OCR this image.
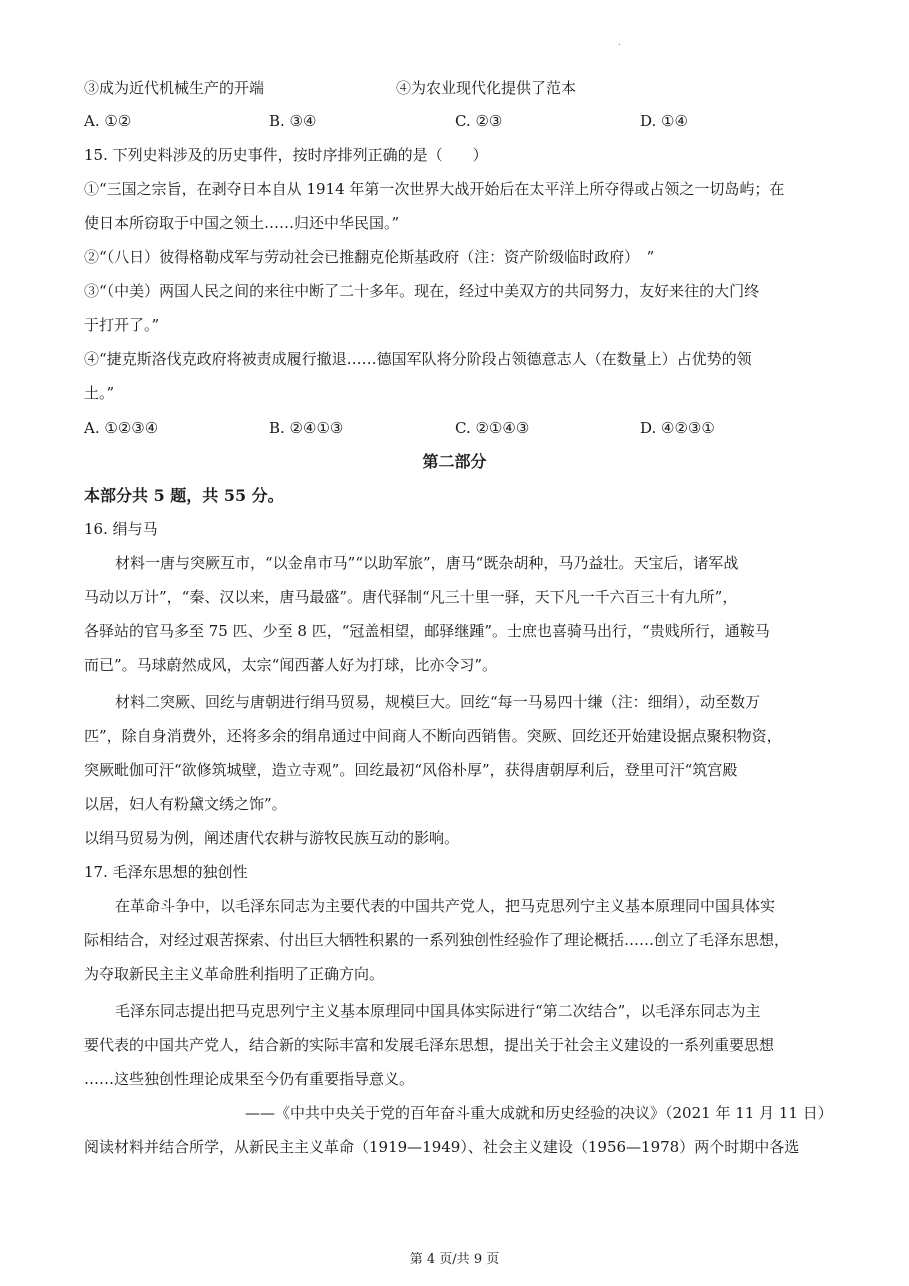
.
③成为近代机械生产的开端	④为农业现代化提供了范本
A. ①②	B. ③④	C. ②③	D. ①④
15. 下列史料涉及的历史事件，按时序排列正确的是（　　）
①“三国之宗旨，在剥夺日本自从 1914 年第一次世界大战开始后在太平洋上所夺得或占领之一切岛屿；在
使日本所窃取于中国之领土……归还中华民国。”
②“（八日）彼得格勒戍军与劳动社会已推翻克伦斯基政府（注：资产阶级临时政府）　”
③“（中美）两国人民之间的来往中断了二十多年。现在，经过中美双方的共同努力，友好来往的大门终
于打开了。”
④“捷克斯洛伐克政府将被责成履行撤退……德国军队将分阶段占领德意志人（在数量上）占优势的领
土。”
A. ①②③④	B. ②④①③	C. ②①④③	D. ④②③①
第二部分
本部分共 5 题，共 55 分。
16. 绢与马
材料一唐与突厥互市，“以金帛市马”“以助军旅”，唐马“既杂胡种，马乃益壮。天宝后，诸军战
马动以万计”，“秦、汉以来，唐马最盛”。唐代驿制“凡三十里一驿，天下凡一千六百三十有九所”，
各驿站的官马多至 75 匹、少至 8 匹，“冠盖相望，邮驿继踵”。士庶也喜骑马出行，“贵贱所行，通鞍马
而已”。马球蔚然成风，太宗“闻西蕃人好为打球，比亦令习”。
材料二突厥、回纥与唐朝进行绢马贸易，规模巨大。回纥“每一马易四十缣（注：细绢），动至数万
匹”，除自身消费外，还将多余的绢帛通过中间商人不断向西销售。突厥、回纥还开始建设据点聚积物资，
突厥毗伽可汗“欲修筑城壁，造立寺观”。回纥最初“风俗朴厚”，获得唐朝厚利后，登里可汗“筑宫殿
以居，妇人有粉黛文绣之饰”。
以绢马贸易为例，阐述唐代农耕与游牧民族互动的影响。
17. 毛泽东思想的独创性
在革命斗争中，以毛泽东同志为主要代表的中国共产党人，把马克思列宁主义基本原理同中国具体实
际相结合，对经过艰苦探索、付出巨大牺牲积累的一系列独创性经验作了理论概括……创立了毛泽东思想，
为夺取新民主主义革命胜利指明了正确方向。
毛泽东同志提出把马克思列宁主义基本原理同中国具体实际进行“第二次结合”，以毛泽东同志为主
要代表的中国共产党人，结合新的实际丰富和发展毛泽东思想，提出关于社会主义建设的一系列重要思想
……这些独创性理论成果至今仍有重要指导意义。
——《中共中央关于党的百年奋斗重大成就和历史经验的决议》（2021 年 11 月 11 日）
阅读材料并结合所学，从新民主主义革命（1919—1949）、社会主义建设（1956—1978）两个时期中各选
第 4 页/共 9 页
